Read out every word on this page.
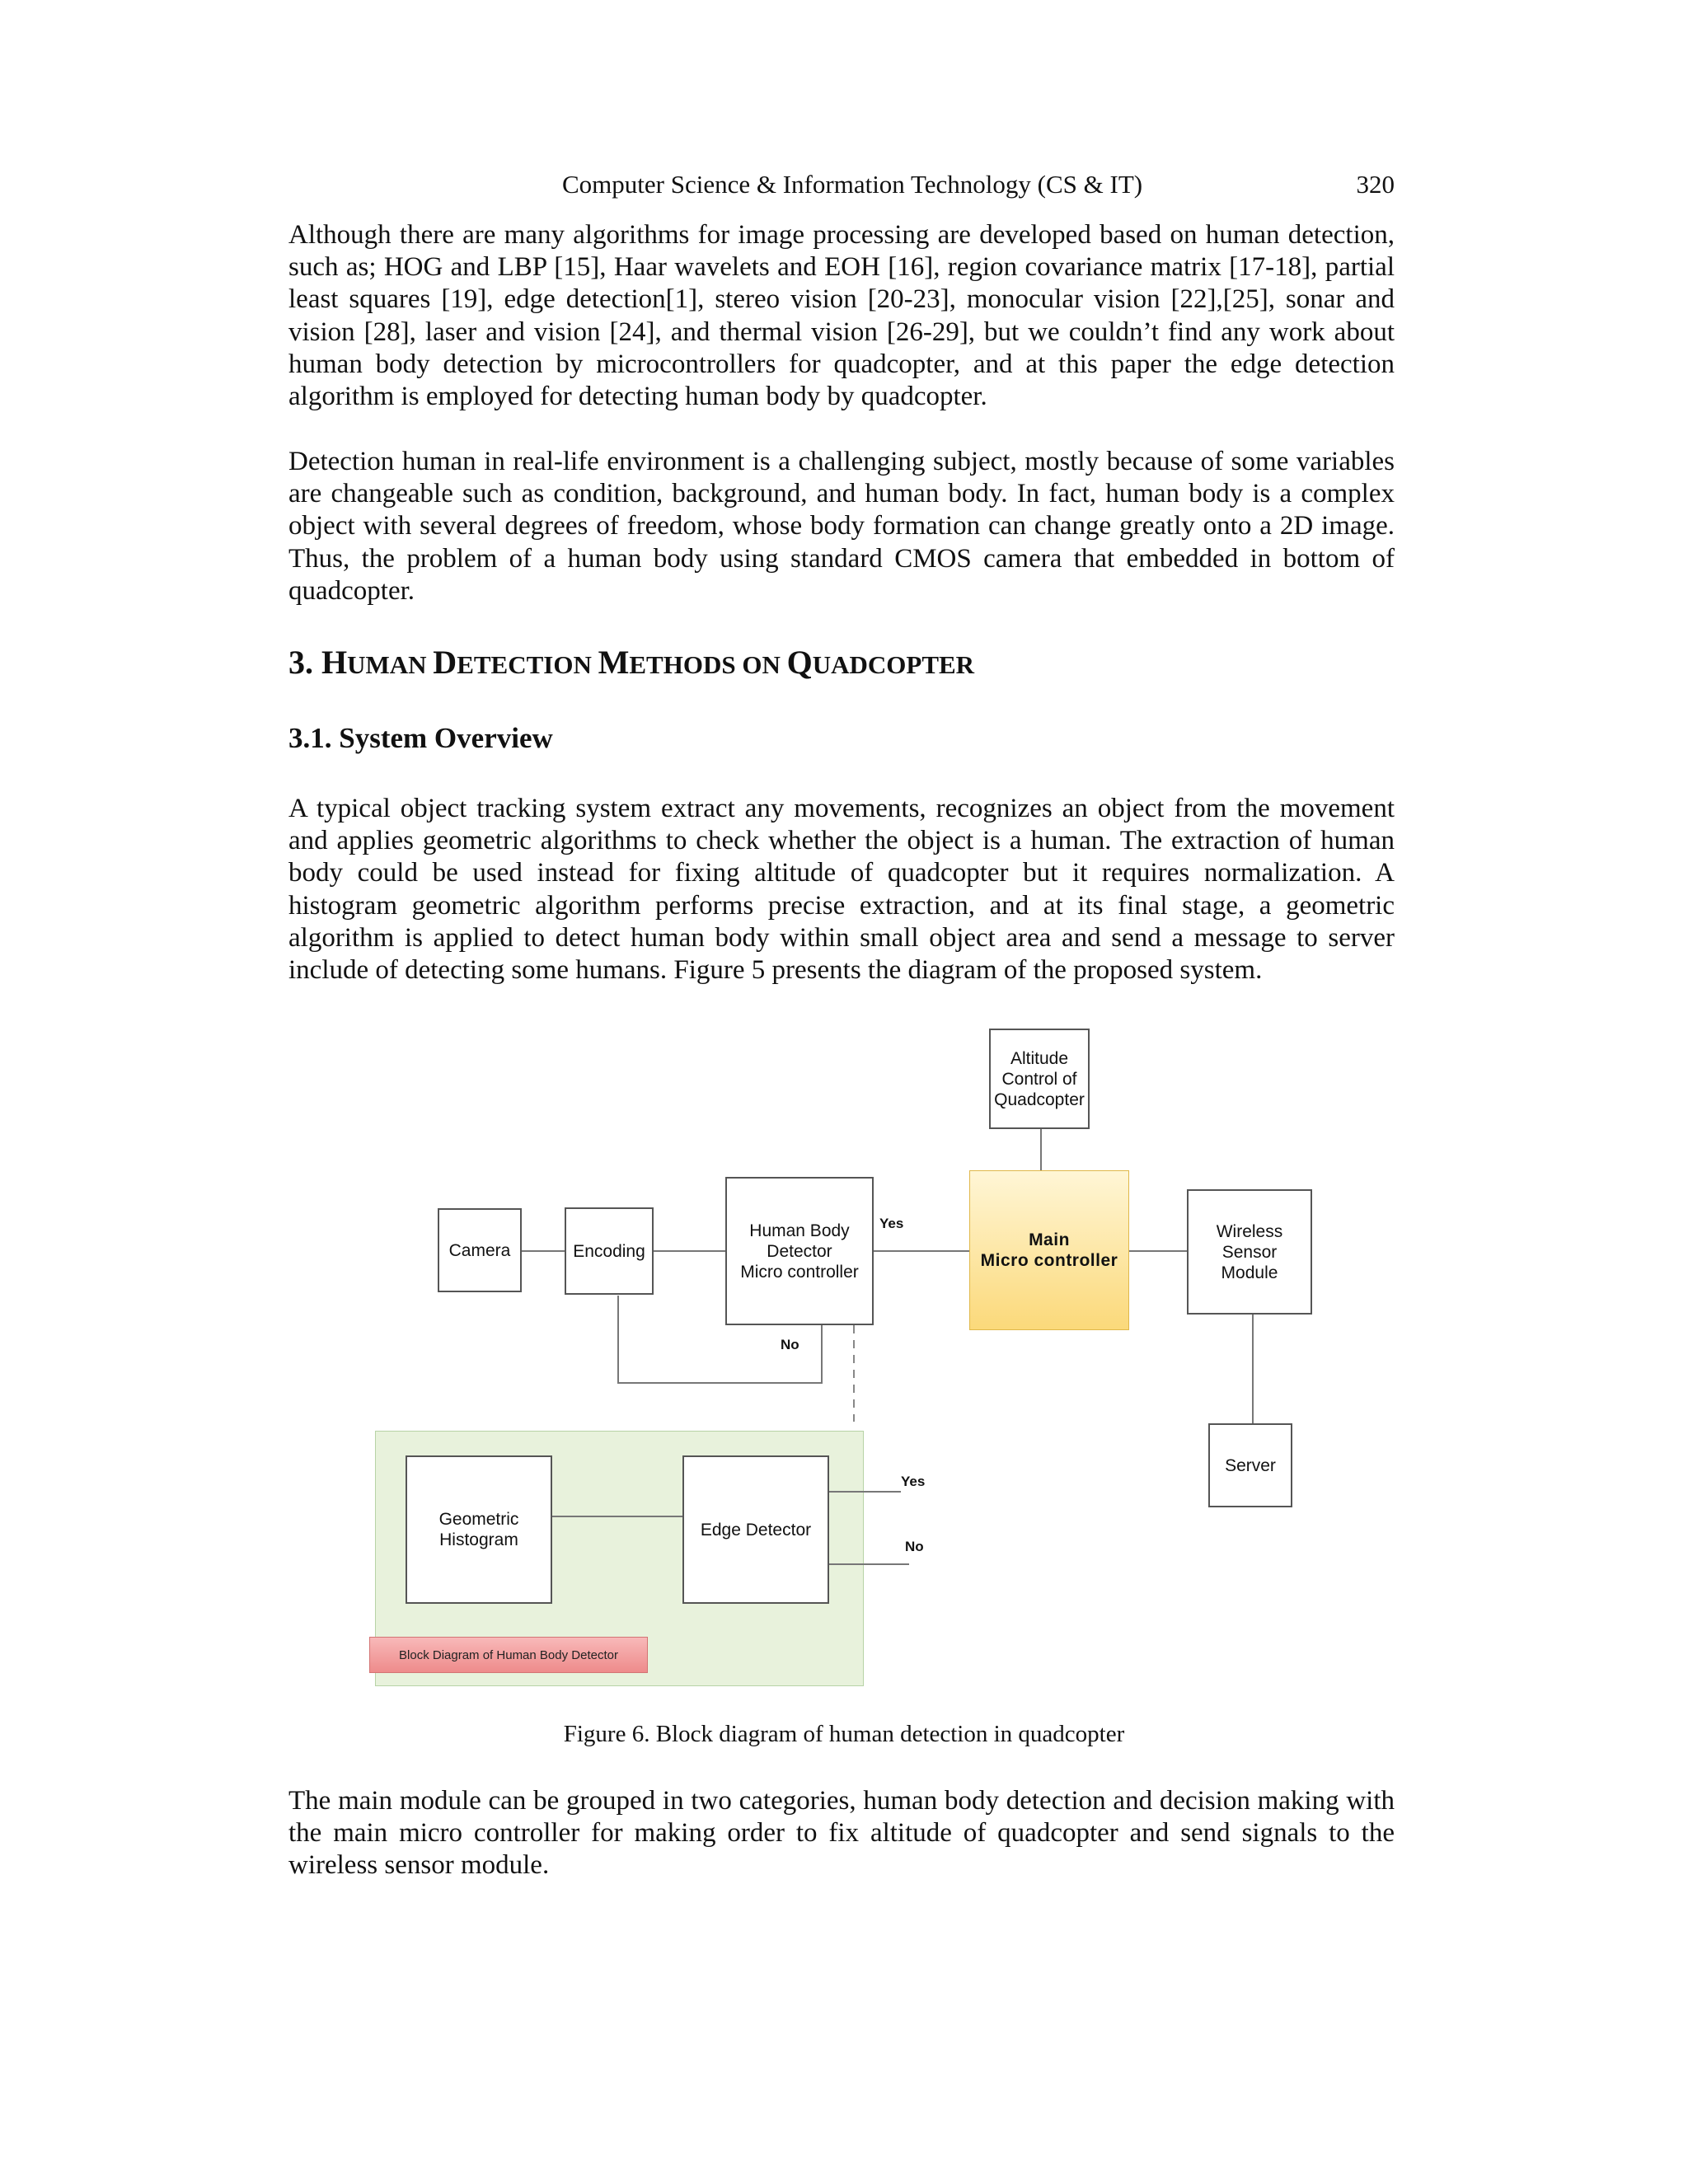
Computer Science & Information Technology (CS & IT)	320

Although there are many algorithms for image processing are developed based on human detection, such as; HOG and LBP [15], Haar wavelets and EOH [16], region covariance matrix [17-18], partial least squares [19], edge detection[1], stereo vision [20-23], monocular vision [22],[25], sonar and vision [28], laser and vision [24], and thermal vision [26-29], but we couldn’t find any work about human body detection by microcontrollers for quadcopter, and at this paper the edge detection algorithm is employed for detecting human body by quadcopter.

Detection human in real-life environment is a challenging subject, mostly because of some variables are changeable such as condition, background, and human body. In fact, human body is a complex object with several degrees of freedom, whose body formation can change greatly onto a 2D image. Thus, the problem of a human body using standard CMOS camera that embedded in bottom of quadcopter.

3. HUMAN DETECTION METHODS ON QUADCOPTER
3.1. System Overview

A typical object tracking system extract any movements, recognizes an object from the movement and applies geometric algorithms to check whether the object is a human. The extraction of human body could be used instead for fixing altitude of quadcopter but it requires normalization. A histogram geometric algorithm performs precise extraction, and at its final stage, a geometric algorithm is applied to detect human body within small object area and send a message to server include of detecting some humans. Figure 5 presents the diagram of the proposed system.

Altitude
Control of
Quadcopter
Camera	Encoding
Human Body
Detector
Micro controller
Main
Micro controller
Wireless
Sensor
Module
Server
Geometric
Histogram
Edge Detector
Yes
No
Yes
No
Block Diagram of Human Body Detector

Figure 6. Block diagram of human detection in quadcopter

The main module can be grouped in two categories, human body detection and decision making with the main micro controller for making order to fix altitude of quadcopter and send signals to the wireless sensor module.
